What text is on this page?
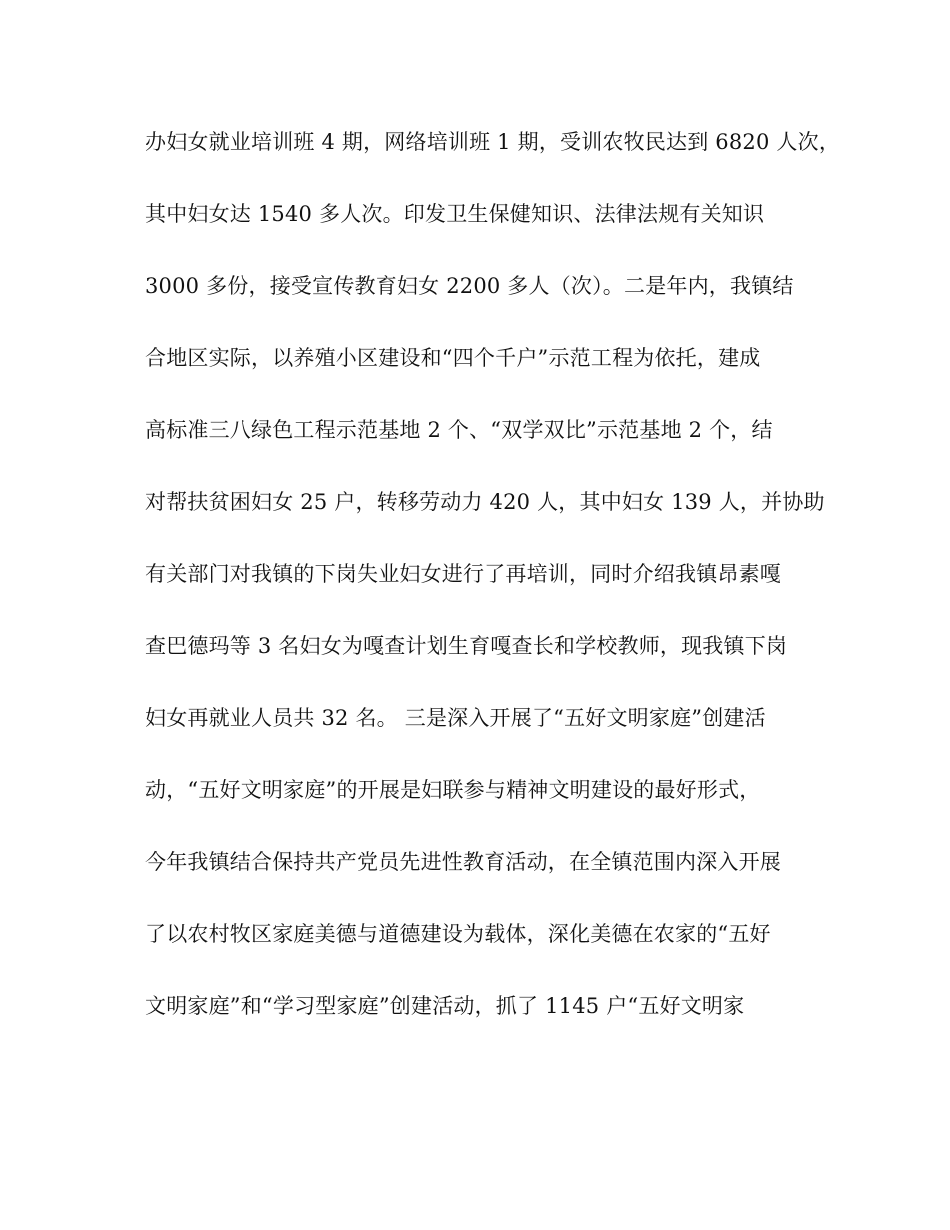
办妇女就业培训班 4 期，网络培训班 1 期，受训农牧民达到 6820 人次，
其中妇女达 1540 多人次。印发卫生保健知识、法律法规有关知识
3000 多份，接受宣传教育妇女 2200 多人（次）。二是年内，我镇结
合地区实际，以养殖小区建设和“四个千户”示范工程为依托，建成
高标准三八绿色工程示范基地 2 个、“双学双比”示范基地 2 个，结
对帮扶贫困妇女 25 户，转移劳动力 420 人，其中妇女 139 人，并协助
有关部门对我镇的下岗失业妇女进行了再培训，同时介绍我镇昂素嘎
查巴德玛等 3 名妇女为嘎查计划生育嘎查长和学校教师，现我镇下岗
妇女再就业人员共 32 名。 三是深入开展了“五好文明家庭”创建活
动，“五好文明家庭”的开展是妇联参与精神文明建设的最好形式，
今年我镇结合保持共产党员先进性教育活动，在全镇范围内深入开展
了以农村牧区家庭美德与道德建设为载体，深化美德在农家的“五好
文明家庭”和“学习型家庭”创建活动，抓了 1145 户“五好文明家
